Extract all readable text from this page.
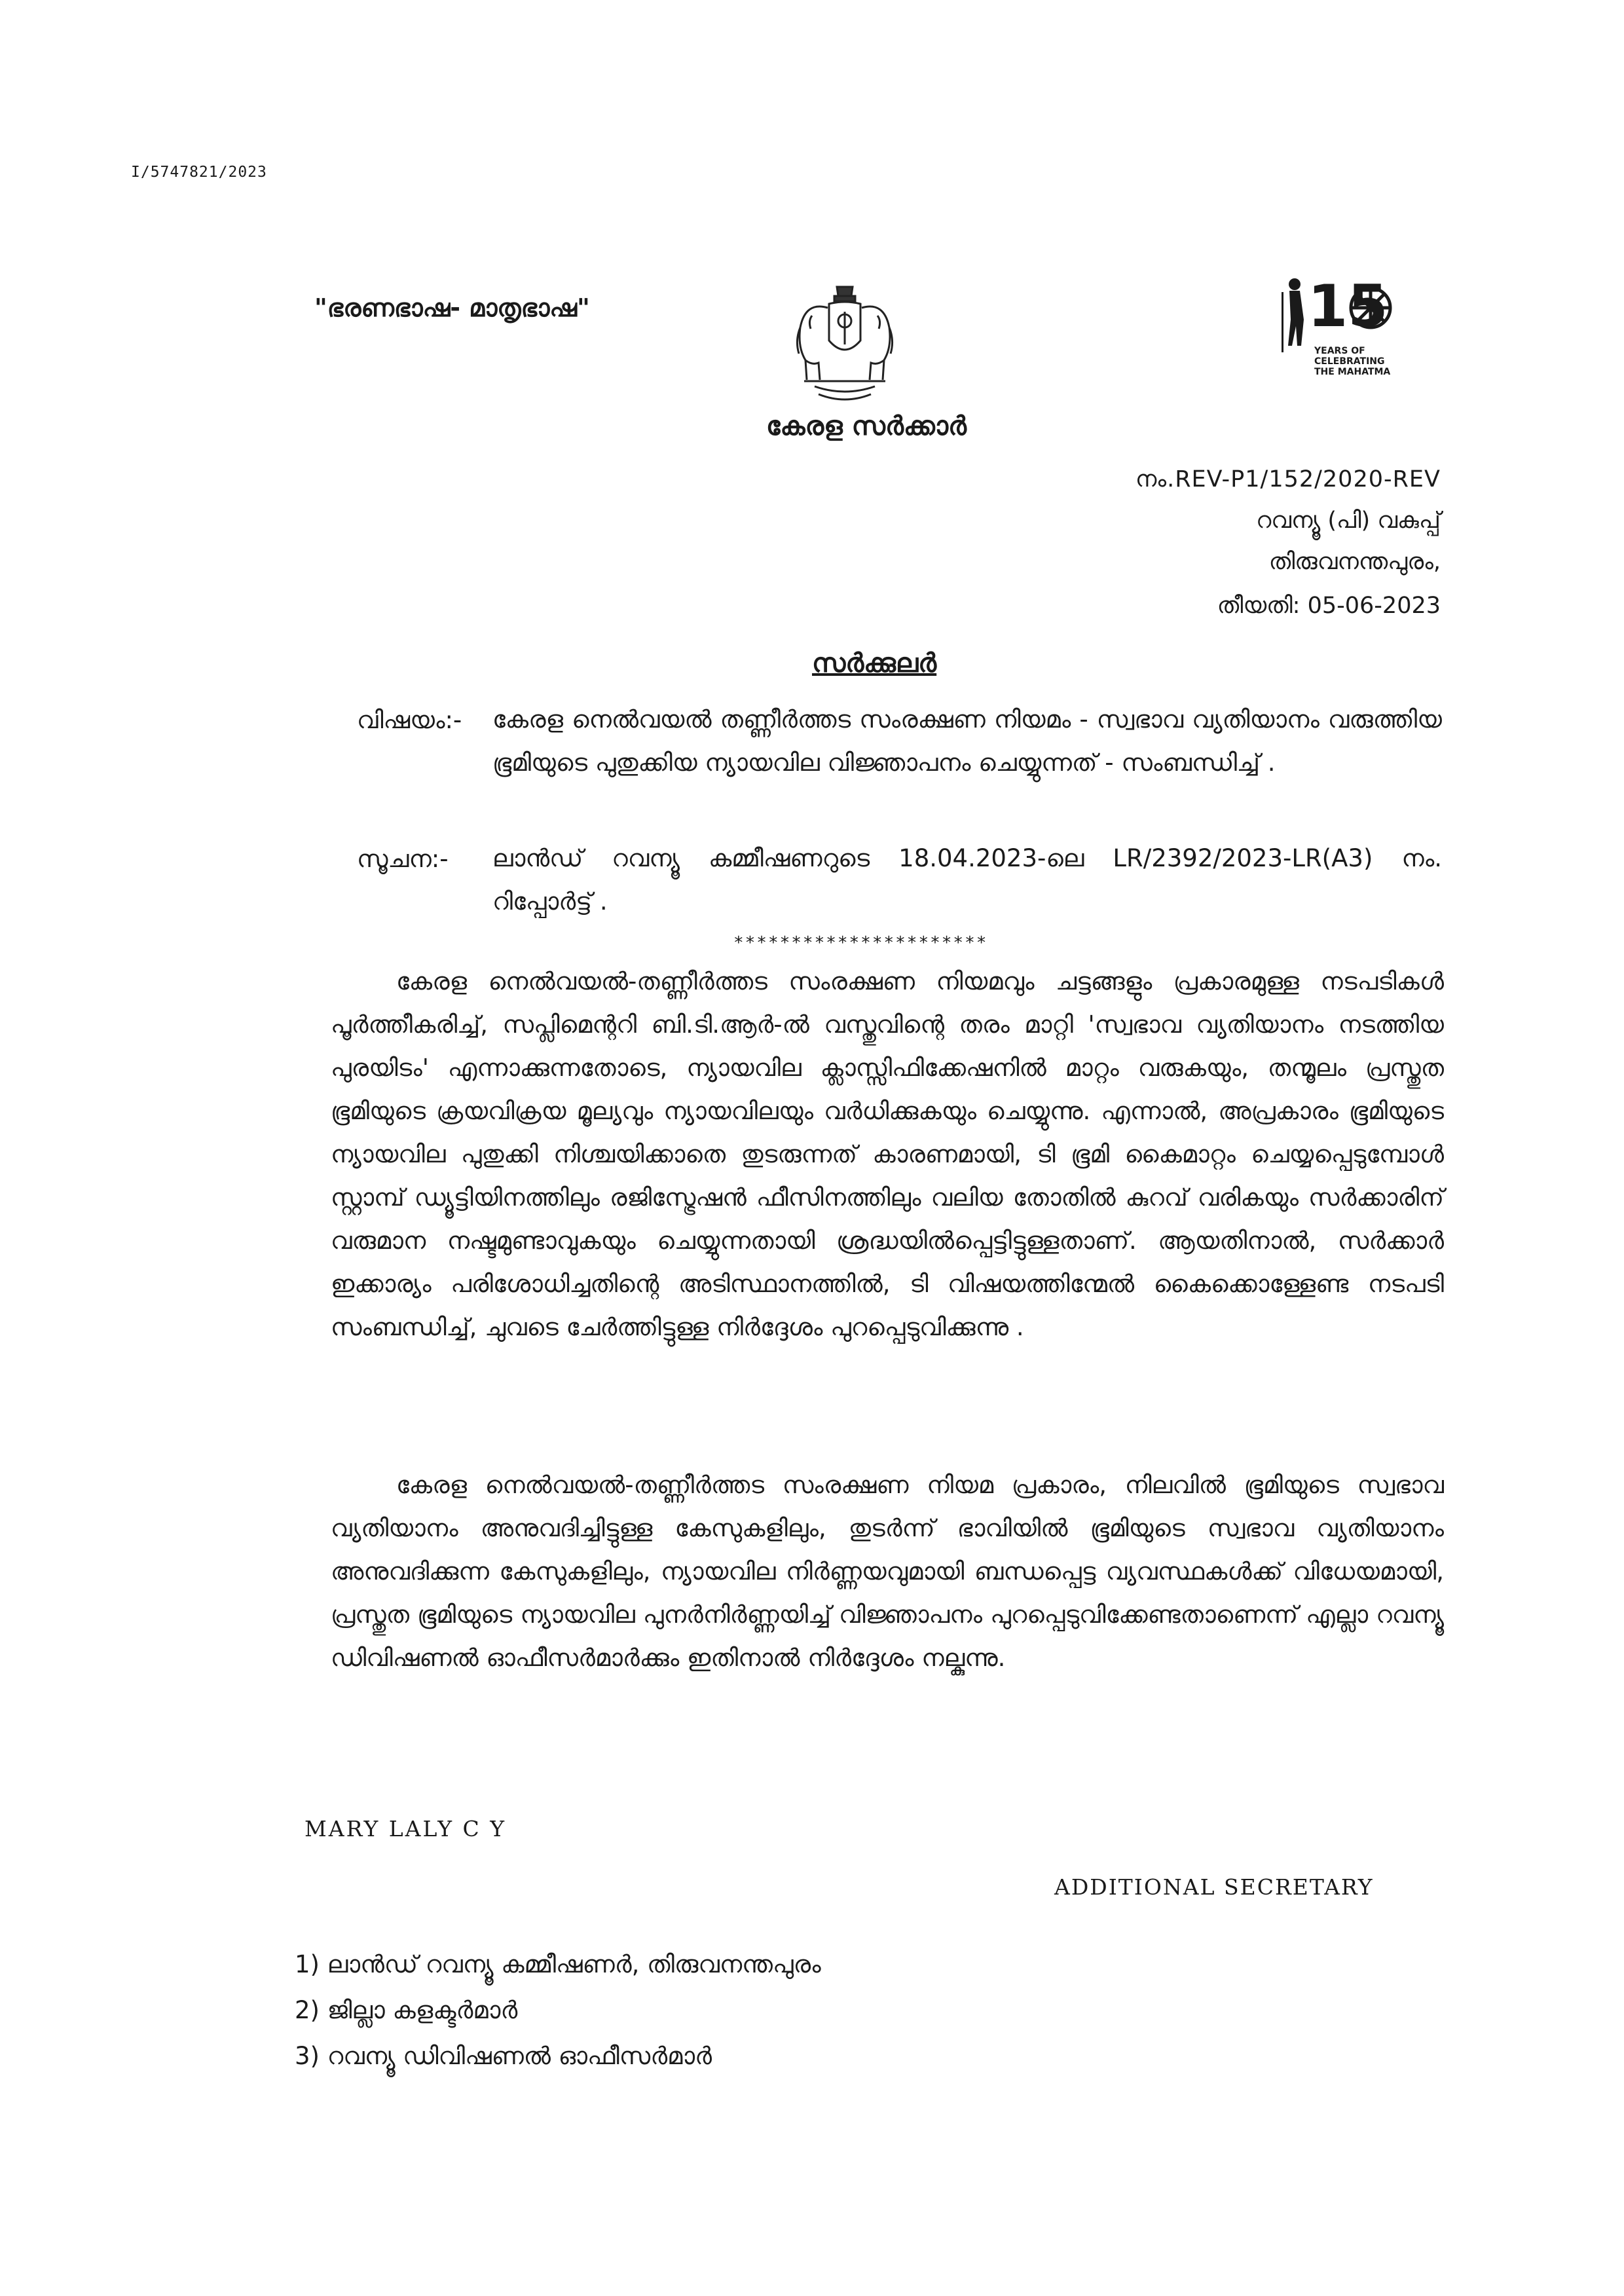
I/5747821/2023
"ഭരണഭാഷ- മാതൃഭാഷ"
കേരള സർക്കാർ
15
YEARS OF
CELEBRATING
THE MAHATMA
നം.REV-P1/152/2020-REV
റവന്യൂ (പി) വകുപ്പ്
തിരുവനന്തപുരം,
തീയതി: 05-06-2023
സർക്കുലർ
വിഷയം:- കേരള നെൽവയൽ തണ്ണീർത്തട സംരക്ഷണ നിയമം - സ്വഭാവ വ്യതിയാനം വരുത്തിയ ഭൂമിയുടെ പുതുക്കിയ ന്യായവില വിജ്ഞാപനം ചെയ്യുന്നത് - സംബന്ധിച്ച് .
സൂചന:- ലാൻഡ് റവന്യൂ കമ്മീഷണറുടെ 18.04.2023-ലെ LR/2392/2023-LR(A3) നം. റിപ്പോർട്ട് .
**********************
കേരള നെൽവയൽ-തണ്ണീർത്തട സംരക്ഷണ നിയമവും ചട്ടങ്ങളും പ്രകാരമുള്ള നടപടികൾ പൂർത്തീകരിച്ച്, സപ്ലിമെന്ററി ബി.ടി.ആർ-ൽ വസ്തുവിന്റെ തരം മാറ്റി 'സ്വഭാവ വ്യതിയാനം നടത്തിയ പുരയിടം' എന്നാക്കുന്നതോടെ, ന്യായവില ക്ലാസ്സിഫിക്കേഷനിൽ മാറ്റം വരുകയും, തന്മൂലം പ്രസ്തുത ഭൂമിയുടെ ക്രയവിക്രയ മൂല്യവും ന്യായവിലയും വർധിക്കുകയും ചെയ്യുന്നു. എന്നാൽ, അപ്രകാരം ഭൂമിയുടെ ന്യായവില പുതുക്കി നിശ്ചയിക്കാതെ തുടരുന്നത് കാരണമായി, ടി ഭൂമി കൈമാറ്റം ചെയ്യപ്പെടുമ്പോൾ സ്റ്റാമ്പ് ഡ്യൂട്ടിയിനത്തിലും രജിസ്ട്രേഷൻ ഫീസിനത്തിലും വലിയ തോതിൽ കുറവ് വരികയും സർക്കാരിന് വരുമാന നഷ്ടമുണ്ടാവുകയും ചെയ്യുന്നതായി ശ്രദ്ധയിൽപ്പെട്ടിട്ടുള്ളതാണ്. ആയതിനാൽ, സർക്കാർ ഇക്കാര്യം പരിശോധിച്ചതിന്റെ അടിസ്ഥാനത്തിൽ, ടി വിഷയത്തിന്മേൽ കൈക്കൊള്ളേണ്ട നടപടി സംബന്ധിച്ച്, ചുവടെ ചേർത്തിട്ടുള്ള നിർദ്ദേശം പുറപ്പെടുവിക്കുന്നു .
കേരള നെൽവയൽ-തണ്ണീർത്തട സംരക്ഷണ നിയമ പ്രകാരം, നിലവിൽ ഭൂമിയുടെ സ്വഭാവ വ്യതിയാനം അനുവദിച്ചിട്ടുള്ള കേസുകളിലും, തുടർന്ന് ഭാവിയിൽ ഭൂമിയുടെ സ്വഭാവ വ്യതിയാനം അനുവദിക്കുന്ന കേസുകളിലും, ന്യായവില നിർണ്ണയവുമായി ബന്ധപ്പെട്ട വ്യവസ്ഥകൾക്ക് വിധേയമായി, പ്രസ്തുത ഭൂമിയുടെ ന്യായവില പുനർനിർണ്ണയിച്ച് വിജ്ഞാപനം പുറപ്പെടുവിക്കേണ്ടതാണെന്ന് എല്ലാ റവന്യൂ ഡിവിഷണൽ ഓഫീസർമാർക്കും ഇതിനാൽ നിർദ്ദേശം നല്കുന്നു.
MARY LALY C Y
ADDITIONAL SECRETARY
1) ലാൻഡ് റവന്യൂ കമ്മീഷണർ, തിരുവനന്തപുരം
2) ജില്ലാ കളക്ടർമാർ
3) റവന്യൂ ഡിവിഷണൽ ഓഫീസർമാർ
